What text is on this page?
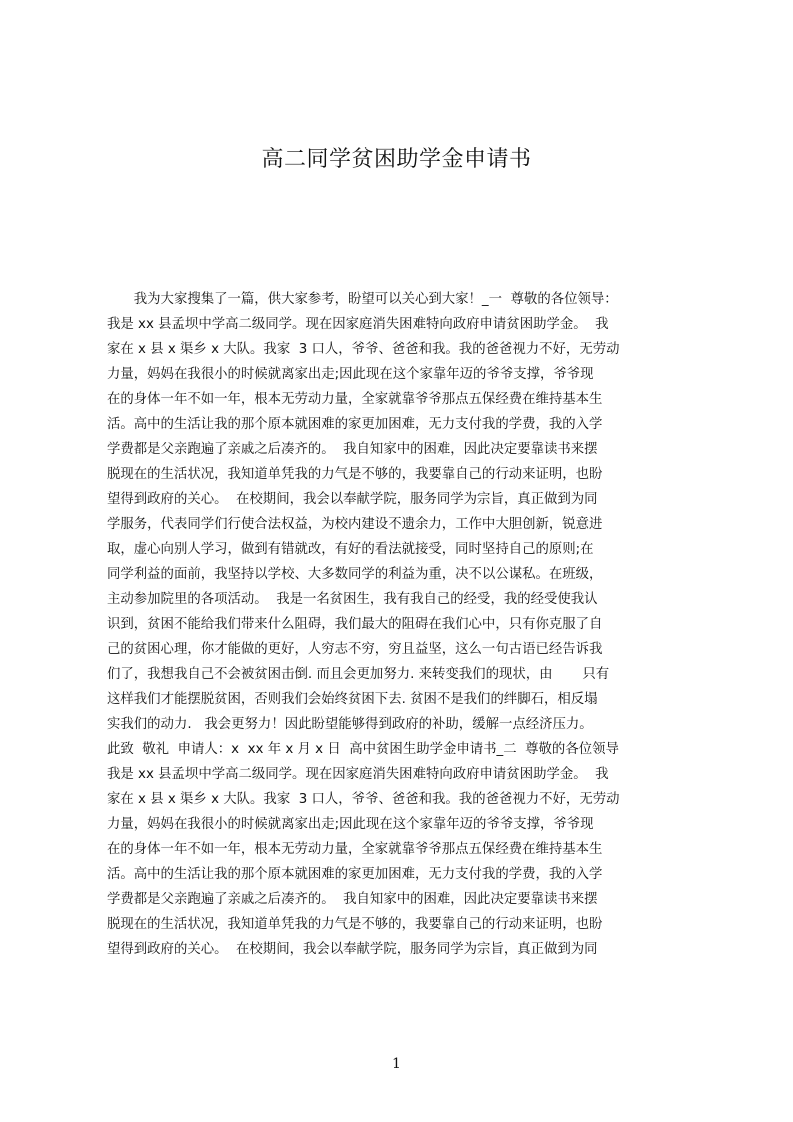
高二同学贫困助学金申请书
　　我为大家搜集了一篇，供大家参考，盼望可以关心到大家！_一  尊敬的各位领导：
我是 xx 县孟坝中学高二级同学。现在因家庭消失困难特向政府申请贫困助学金。  我
家在 x 县 x 渠乡 x 大队。我家  3 口人，爷爷、爸爸和我。我的爸爸视力不好，无劳动
力量，妈妈在我很小的时候就离家出走;因此现在这个家靠年迈的爷爷支撑，爷爷现
在的身体一年不如一年，根本无劳动力量，全家就靠爷爷那点五保经费在维持基本生
活。高中的生活让我的那个原本就困难的家更加困难，无力支付我的学费，我的入学
学费都是父亲跑遍了亲戚之后凑齐的。  我自知家中的困难，因此决定要靠读书来摆
脱现在的生活状况，我知道单凭我的力气是不够的，我要靠自己的行动来证明，也盼
望得到政府的关心。  在校期间，我会以奉献学院，服务同学为宗旨，真正做到为同
学服务，代表同学们行使合法权益，为校内建设不遗余力，工作中大胆创新，锐意进
取，虚心向别人学习，做到有错就改，有好的看法就接受，同时坚持自己的原则;在
同学利益的面前，我坚持以学校、大多数同学的利益为重，决不以公谋私。在班级，
主动参加院里的各项活动。  我是一名贫困生，我有我自己的经受，我的经受使我认
识到，贫困不能给我们带来什么阻碍，我们最大的阻碍在我们心中，只有你克服了自
己的贫困心理，你才能做的更好，人穷志不穷，穷且益坚，这么一句古语已经告诉我
们了，我想我自己不会被贫困击倒. 而且会更加努力. 来转变我们的现状，由       只有
这样我们才能摆脱贫困，否则我们会始终贫困下去. 贫困不是我们的绊脚石，相反塌
实我们的动力.   我会更努力！因此盼望能够得到政府的补助，缓解一点经济压力。
此致  敬礼  申请人：x  xx 年 x 月 x 日  高中贫困生助学金申请书_二  尊敬的各位领导
我是 xx 县孟坝中学高二级同学。现在因家庭消失困难特向政府申请贫困助学金。  我
家在 x 县 x 渠乡 x 大队。我家  3 口人，爷爷、爸爸和我。我的爸爸视力不好，无劳动
力量，妈妈在我很小的时候就离家出走;因此现在这个家靠年迈的爷爷支撑，爷爷现
在的身体一年不如一年，根本无劳动力量，全家就靠爷爷那点五保经费在维持基本生
活。高中的生活让我的那个原本就困难的家更加困难，无力支付我的学费，我的入学
学费都是父亲跑遍了亲戚之后凑齐的。  我自知家中的困难，因此决定要靠读书来摆
脱现在的生活状况，我知道单凭我的力气是不够的，我要靠自己的行动来证明，也盼
望得到政府的关心。  在校期间，我会以奉献学院，服务同学为宗旨，真正做到为同
1
